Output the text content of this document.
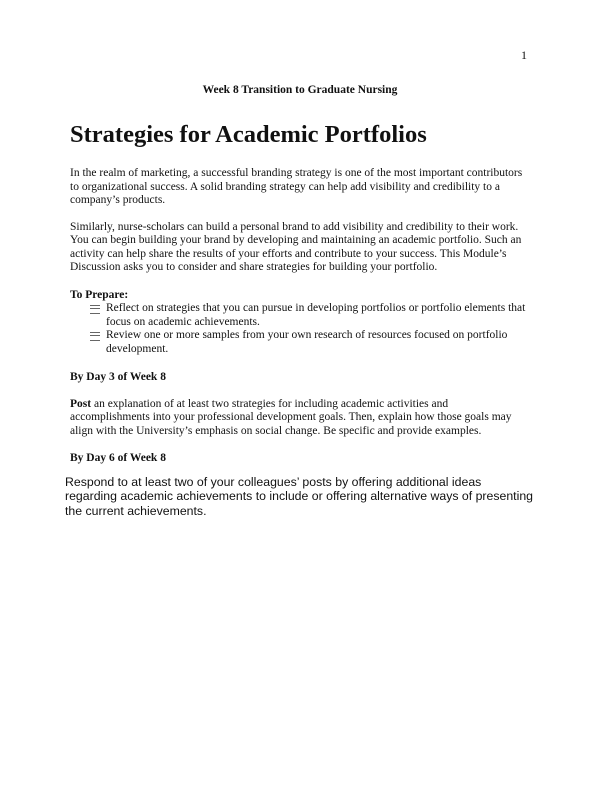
1
Week 8 Transition to Graduate Nursing
Strategies for Academic Portfolios

In the realm of marketing, a successful branding strategy is one of the most important contributors to organizational success. A solid branding strategy can help add visibility and credibility to a company’s products.

Similarly, nurse-scholars can build a personal brand to add visibility and credibility to their work. You can begin building your brand by developing and maintaining an academic portfolio. Such an activity can help share the results of your efforts and contribute to your success. This Module’s Discussion asks you to consider and share strategies for building your portfolio.

To Prepare:

Reflect on strategies that you can pursue in developing portfolios or portfolio elements that focus on academic achievements.
Review one or more samples from your own research of resources focused on portfolio development.

By Day 3 of Week 8

Post an explanation of at least two strategies for including academic activities and accomplishments into your professional development goals. Then, explain how those goals may align with the University’s emphasis on social change. Be specific and provide examples.

By Day 6 of Week 8

Respond to at least two of your colleagues’ posts by offering additional ideas regarding academic achievements to include or offering alternative ways of presenting the current achievements.
